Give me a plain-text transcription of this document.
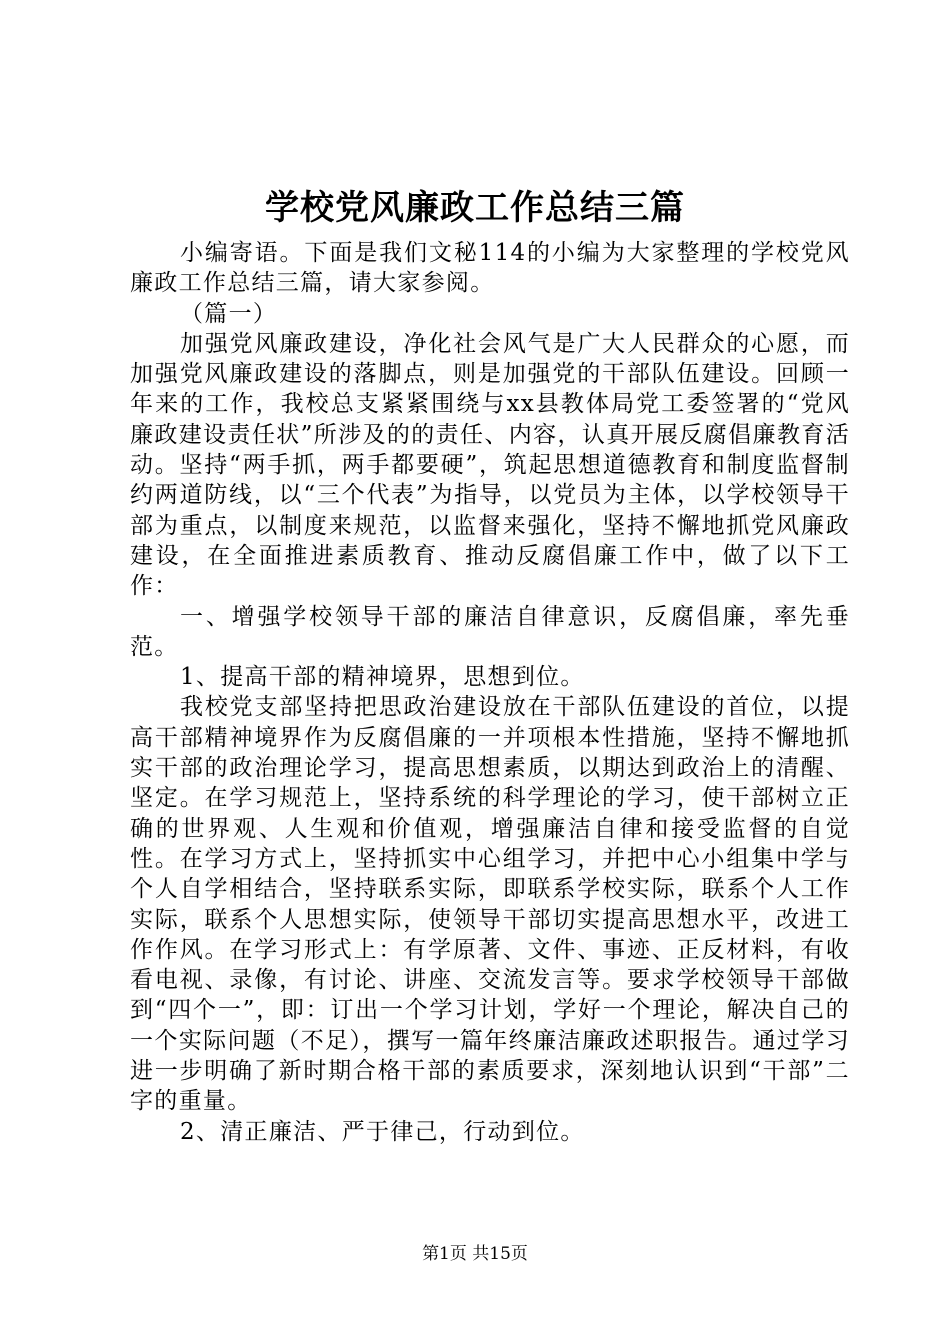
学校党风廉政工作总结三篇

小编寄语。下面是我们文秘114的小编为大家整理的学校党风廉政工作总结三篇，请大家参阅。

（篇一）

加强党风廉政建设，净化社会风气是广大人民群众的心愿，而加强党风廉政建设的落脚点，则是加强党的干部队伍建设。回顾一年来的工作，我校总支紧紧围绕与xx县教体局党工委签署的“党风廉政建设责任状”所涉及的的责任、内容，认真开展反腐倡廉教育活动。坚持“两手抓，两手都要硬”，筑起思想道德教育和制度监督制约两道防线，以“三个代表”为指导，以党员为主体，以学校领导干部为重点，以制度来规范，以监督来强化，坚持不懈地抓党风廉政建设，在全面推进素质教育、推动反腐倡廉工作中，做了以下工作：

一、增强学校领导干部的廉洁自律意识，反腐倡廉，率先垂范。

1、提高干部的精神境界，思想到位。

我校党支部坚持把思政治建设放在干部队伍建设的首位，以提高干部精神境界作为反腐倡廉的一并项根本性措施，坚持不懈地抓实干部的政治理论学习，提高思想素质，以期达到政治上的清醒、坚定。在学习规范上，坚持系统的科学理论的学习，使干部树立正确的世界观、人生观和价值观，增强廉洁自律和接受监督的自觉性。在学习方式上，坚持抓实中心组学习，并把中心小组集中学与个人自学相结合，坚持联系实际，即联系学校实际，联系个人工作实际，联系个人思想实际，使领导干部切实提高思想水平，改进工作作风。在学习形式上：有学原著、文件、事迹、正反材料，有收看电视、录像，有讨论、讲座、交流发言等。要求学校领导干部做到“四个一”，即：订出一个学习计划，学好一个理论，解决自己的一个实际问题（不足），撰写一篇年终廉洁廉政述职报告。通过学习进一步明确了新时期合格干部的素质要求，深刻地认识到“干部”二字的重量。

2、清正廉洁、严于律己，行动到位。

第1页 共15页
